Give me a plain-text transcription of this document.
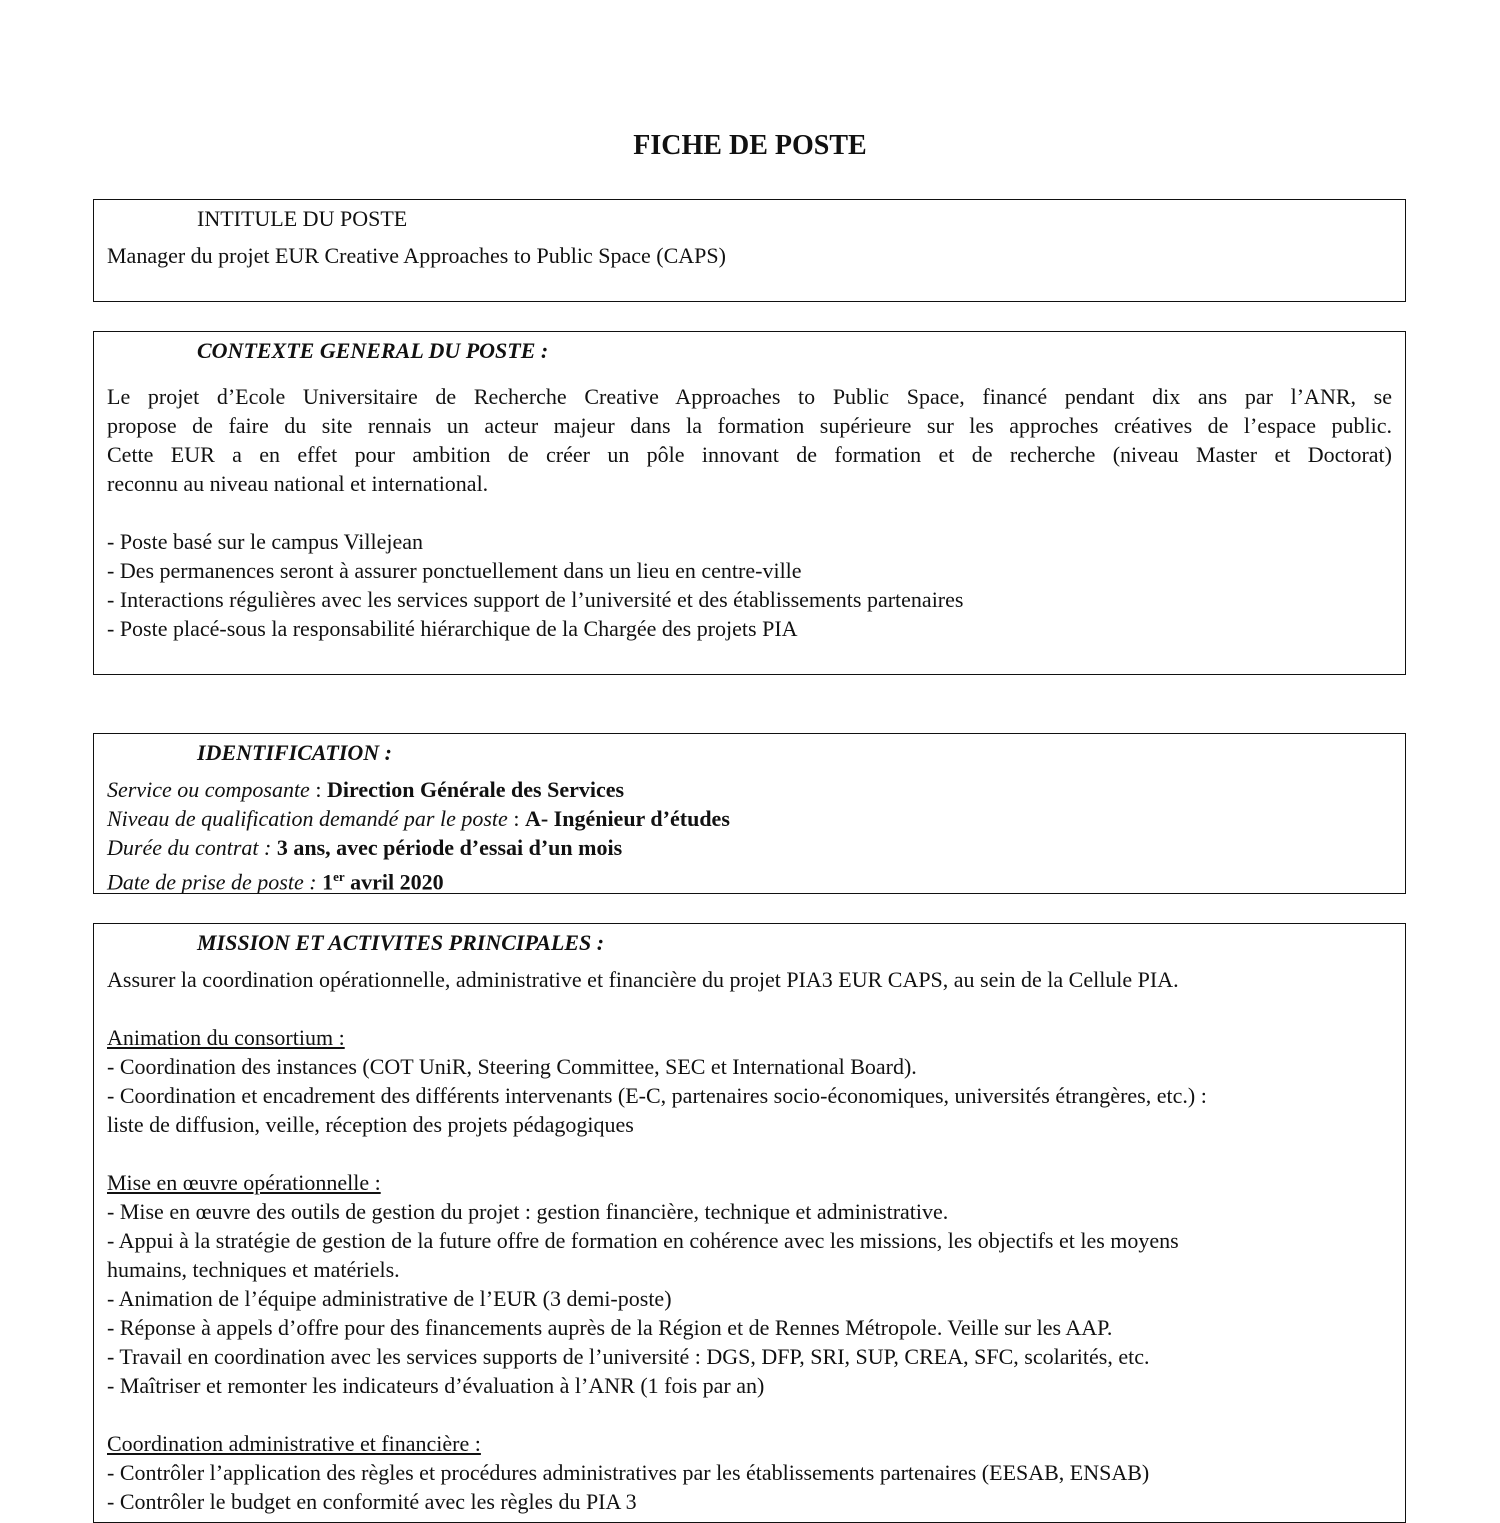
FICHE DE POSTE
INTITULE DU POSTE
Manager du projet EUR Creative Approaches to Public Space (CAPS)
CONTEXTE GENERAL DU POSTE :
Le projet d’Ecole Universitaire de Recherche Creative Approaches to Public Space, financé pendant dix ans par l’ANR, se
propose de faire du site rennais un acteur majeur dans la formation supérieure sur les approches créatives de l’espace public.
Cette EUR a en effet pour ambition de créer un pôle innovant de formation et de recherche (niveau Master et Doctorat)
reconnu au niveau national et international.
- Poste basé sur le campus Villejean
- Des permanences seront à assurer ponctuellement dans un lieu en centre-ville
- Interactions régulières avec les services support de l’université et des établissements partenaires
- Poste placé-sous la responsabilité hiérarchique de la Chargée des projets PIA
IDENTIFICATION :
Service ou composante : Direction Générale des Services
Niveau de qualification demandé par le poste : A- Ingénieur d’études
Durée du contrat : 3 ans, avec période d’essai d’un mois
Date de prise de poste : 1er avril 2020
MISSION ET ACTIVITES PRINCIPALES :
Assurer la coordination opérationnelle, administrative et financière du projet PIA3 EUR CAPS, au sein de la Cellule PIA.
Animation du consortium :
- Coordination des instances (COT UniR, Steering Committee, SEC et International Board).
- Coordination et encadrement des différents intervenants (E-C, partenaires socio-économiques, universités étrangères, etc.) :
liste de diffusion, veille, réception des projets pédagogiques
Mise en œuvre opérationnelle :
- Mise en œuvre des outils de gestion du projet : gestion financière, technique et administrative.
- Appui à la stratégie de gestion de la future offre de formation en cohérence avec les missions, les objectifs et les moyens
humains, techniques et matériels.
- Animation de l’équipe administrative de l’EUR (3 demi-poste)
- Réponse à appels d’offre pour des financements auprès de la Région et de Rennes Métropole. Veille sur les AAP.
- Travail en coordination avec les services supports de l’université : DGS, DFP, SRI, SUP, CREA, SFC, scolarités, etc.
- Maîtriser et remonter les indicateurs d’évaluation à l’ANR (1 fois par an)
Coordination administrative et financière :
- Contrôler l’application des règles et procédures administratives par les établissements partenaires (EESAB, ENSAB)
- Contrôler le budget en conformité avec les règles du PIA 3
